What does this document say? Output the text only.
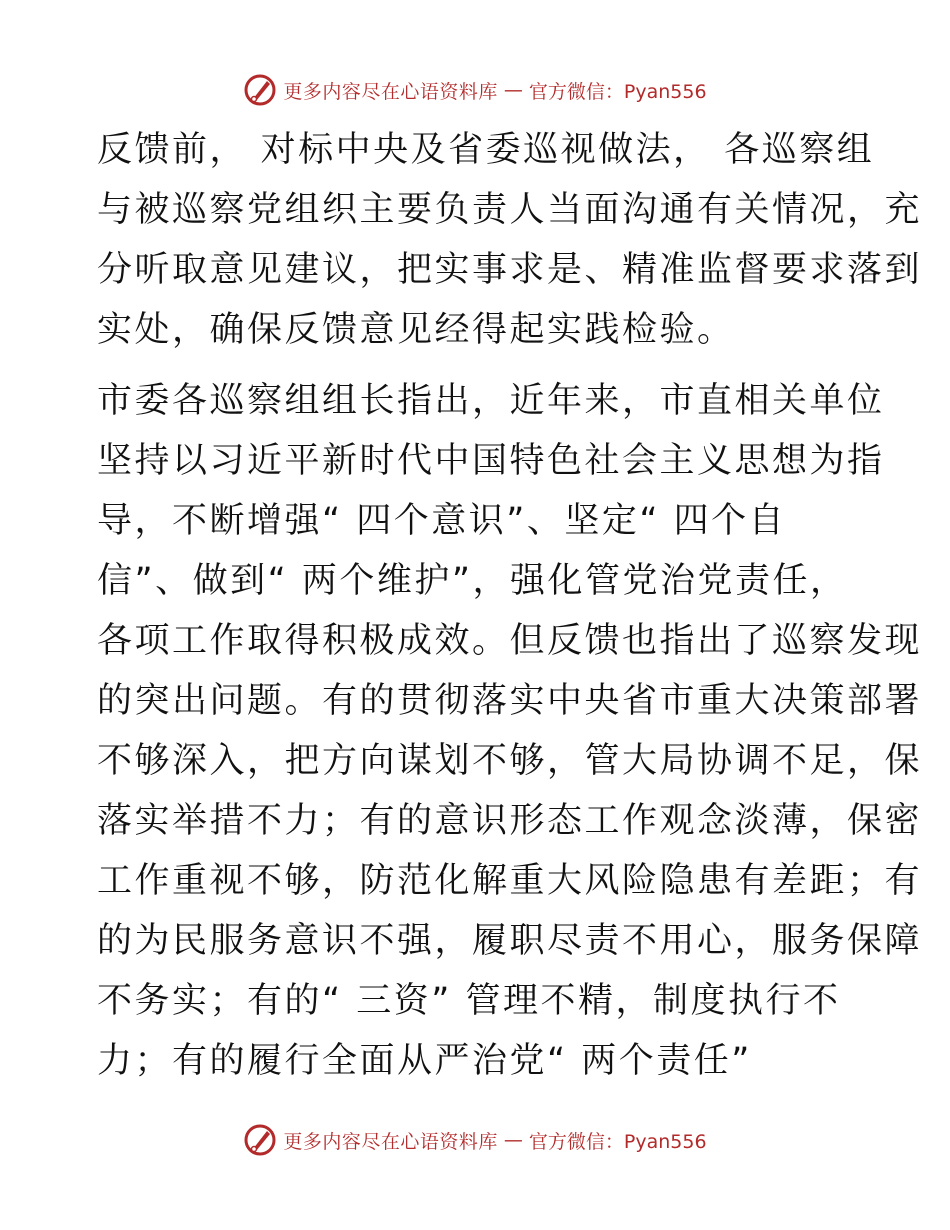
更多内容尽在心语资料库 — 官方微信：Pyan556
反馈前， 对标中央及省委巡视做法， 各巡察组
与被巡察党组织主要负责人当面沟通有关情况，充
分听取意见建议，把实事求是、精准监督要求落到
实处，确保反馈意见经得起实践检验。
市委各巡察组组长指出，近年来，市直相关单位
坚持以习近平新时代中国特色社会主义思想为指
导，不断增强“ 四个意识”、坚定“ 四个自
信”、做到“ 两个维护”，强化管党治党责任，
各项工作取得积极成效。但反馈也指出了巡察发现
的突出问题。有的贯彻落实中央省市重大决策部署
不够深入，把方向谋划不够，管大局协调不足，保
落实举措不力；有的意识形态工作观念淡薄，保密
工作重视不够，防范化解重大风险隐患有差距；有
的为民服务意识不强，履职尽责不用心，服务保障
不务实；有的“ 三资” 管理不精，制度执行不
力；有的履行全面从严治党“ 两个责任”
更多内容尽在心语资料库 — 官方微信：Pyan556
